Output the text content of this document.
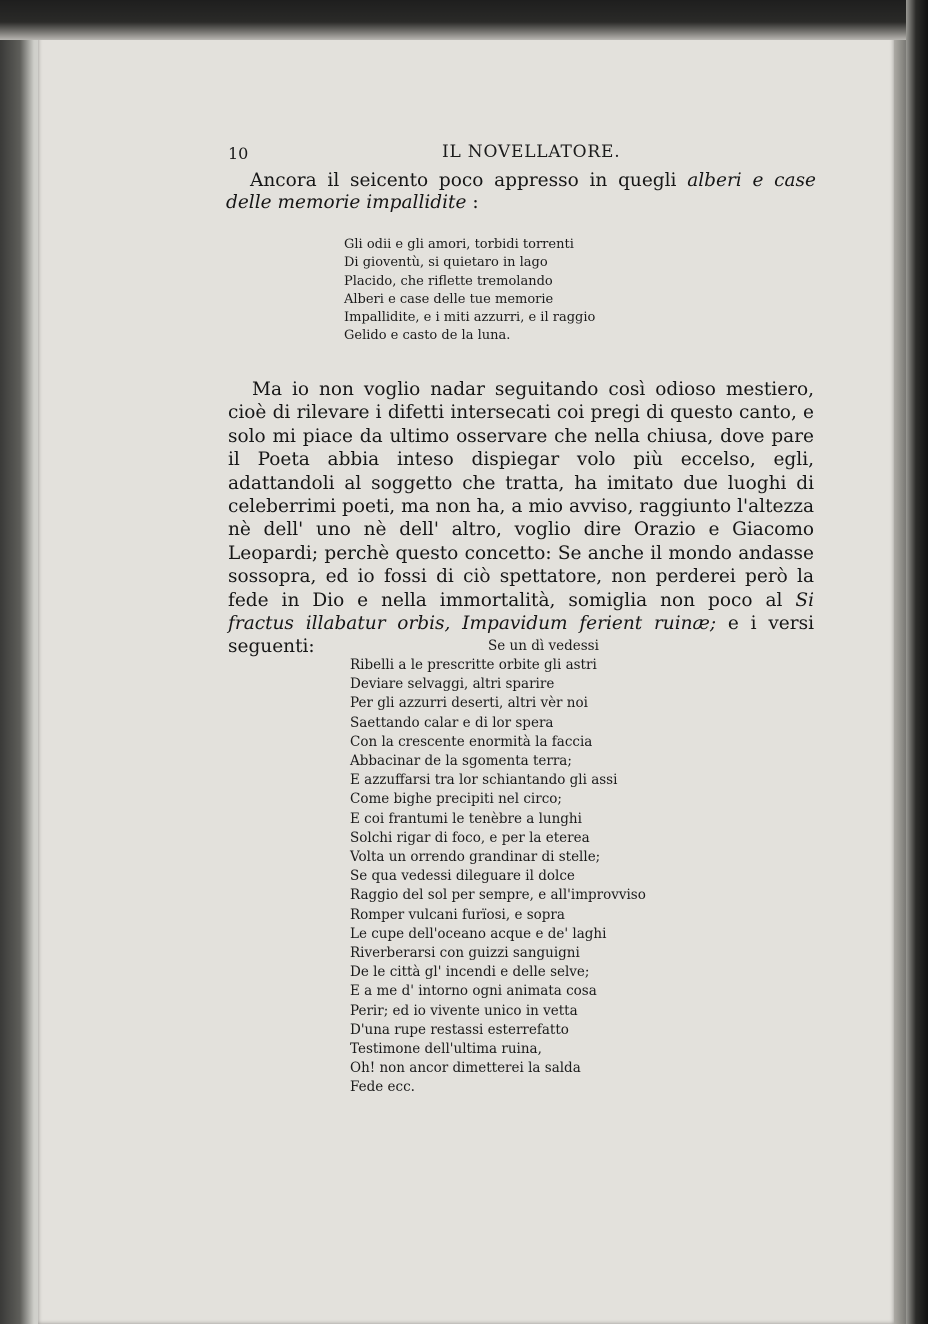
10	IL NOVELLATORE.
Ancora il seicento poco appresso in quegli alberi e case delle memorie impallidite :
Gli odii e gli amori, torbidi torrenti
Di gioventù, si quietaro in lago
Placido, che riflette tremolando
Alberi e case delle tue memorie
Impallidite, e i miti azzurri, e il raggio
Gelido e casto de la luna.
Ma io non voglio nadar seguitando così odioso mestiero, cioè di rilevare i difetti intersecati coi pregi di questo canto, e solo mi piace da ultimo osservare che nella chiusa, dove pare il Poeta abbia inteso dispiegar volo più eccelso, egli, adattandoli al soggetto che tratta, ha imitato due luoghi di celeberrimi poeti, ma non ha, a mio avviso, raggiunto l'altezza nè dell' uno nè dell' altro, voglio dire Orazio e Giacomo Leopardi; perchè questo concetto: Se anche il mondo andasse sossopra, ed io fossi di ciò spettatore, non perderei però la fede in Dio e nella immortalità, somiglia non poco al Si fractus illabatur orbis, Impavidum ferient ruinæ; e i versi seguenti:	Se un dì vedessi
Ribelli a le prescritte orbite gli astri
Deviare selvaggi, altri sparire
Per gli azzurri deserti, altri vèr noi
Saettando calar e di lor spera
Con la crescente enormità la faccia
Abbacinar de la sgomenta terra;
E azzuffarsi tra lor schiantando gli assi
Come bighe precipiti nel circo;
E coi frantumi le tenèbre a lunghi
Solchi rigar di foco, e per la eterea
Volta un orrendo grandinar di stelle;
Se qua vedessi dileguare il dolce
Raggio del sol per sempre, e all'improvviso
Romper vulcani furïosi, e sopra
Le cupe dell'oceano acque e de' laghi
Riverberarsi con guizzi sanguigni
De le città gl' incendi e delle selve;
E a me d' intorno ogni animata cosa
Perir; ed io vivente unico in vetta
D'una rupe restassi esterrefatto
Testimone dell'ultima ruina,
Oh! non ancor dimetterei la salda
Fede ecc.
